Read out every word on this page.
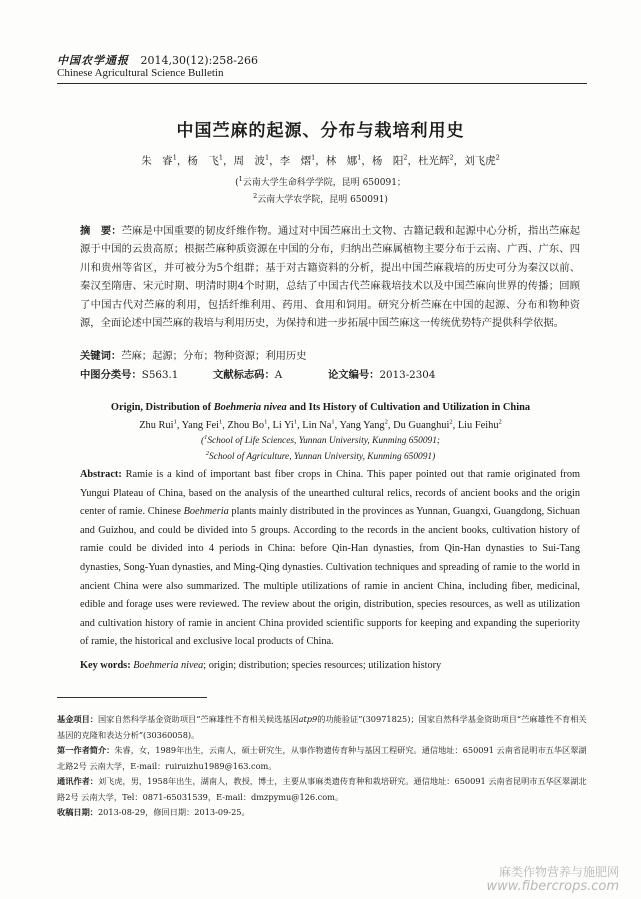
中国农学通报 2014,30(12):258-266
Chinese Agricultural Science Bulletin
中国苎麻的起源、分布与栽培利用史
朱　睿$^1$，杨　飞$^1$，周　波$^1$，李　熠$^1$，林　娜$^1$，杨　阳$^2$，杜光辉$^2$，刘飞虎$^2$
($^1$云南大学生命科学学院，昆明 650091；
$^2$云南大学农学院，昆明 650091)

摘　要：苎麻是中国重要的韧皮纤维作物。通过对中国苎麻出土文物、古籍记载和起源中心分析，指出苎麻起源于中国的云贵高原；根据苎麻种质资源在中国的分布，归纳出苎麻属植物主要分布于云南、广西、广东、四川和贵州等省区，并可被分为5个组群；基于对古籍资料的分析，提出中国苎麻栽培的历史可分为秦汉以前、秦汉至隋唐、宋元时期、明清时期4个时期，总结了中国古代苎麻栽培技术以及中国苎麻向世界的传播；回顾了中国古代对苎麻的利用，包括纤维利用、药用、食用和饲用。研究分析苎麻在中国的起源、分布和物种资源，全面论述中国苎麻的栽培与利用历史，为保持和进一步拓展中国苎麻这一传统优势特产提供科学依据。

关键词：苎麻；起源；分布；物种资源；利用历史
中图分类号：S563.1	文献标志码：A	论文编号：2013-2304
Origin, Distribution of Boehmeria nivea and Its History of Cultivation and Utilization in China
Zhu Rui$^1$, Yang Fei$^1$, Zhou Bo$^1$, Li Yi$^1$, Lin Na$^1$, Yang Yang$^2$, Du Guanghui$^2$, Liu Feihu$^2$
($^1$School of Life Sciences, Yunnan University, Kunming 650091;
$^2$School of Agriculture, Yunnan University, Kunming 650091)

Abstract: Ramie is a kind of important bast fiber crops in China. This paper pointed out that ramie originated from Yungui Plateau of China, based on the analysis of the unearthed cultural relics, records of ancient books and the origin center of ramie. Chinese Boehmeria plants mainly distributed in the provinces as Yunnan, Guangxi, Guangdong, Sichuan and Guizhou, and could be divided into 5 groups. According to the records in the ancient books, cultivation history of ramie could be divided into 4 periods in China: before Qin-Han dynasties, from Qin-Han dynasties to Sui-Tang dynasties, Song-Yuan dynasties, and Ming-Qing dynasties. Cultivation techniques and spreading of ramie to the world in ancient China were also summarized. The multiple utilizations of ramie in ancient China, including fiber, medicinal, edible and forage uses were reviewed. The review about the origin, distribution, species resources, as well as utilization and cultivation history of ramie in ancient China provided scientific supports for keeping and expanding the superiority of ramie, the historical and exclusive local products of China.

Key words: Boehmeria nivea; origin; distribution; species resources; utilization history

基金项目：国家自然科学基金资助项目“苎麻雄性不育相关候选基因atp9的功能验证”(30971825)；国家自然科学基金资助项目“苎麻雄性不育相关基因的克隆和表达分析”(30360058)。

第一作者简介：朱睿，女，1989年出生，云南人，硕士研究生，从事作物遗传育种与基因工程研究。通信地址：650091 云南省昆明市五华区翠湖北路2号 云南大学，E-mail：ruiruizhu1989@163.com。

通讯作者：刘飞虎，男，1958年出生，湖南人，教授，博士，主要从事麻类遗传育种和栽培研究。通信地址：650091 云南省昆明市五华区翠湖北路2号 云南大学，Tel：0871-65031539，E-mail：dmzpymu@126.com。

收稿日期：2013-08-29，修回日期：2013-09-25。

麻类作物营养与施肥网
www.fibercrops.com
